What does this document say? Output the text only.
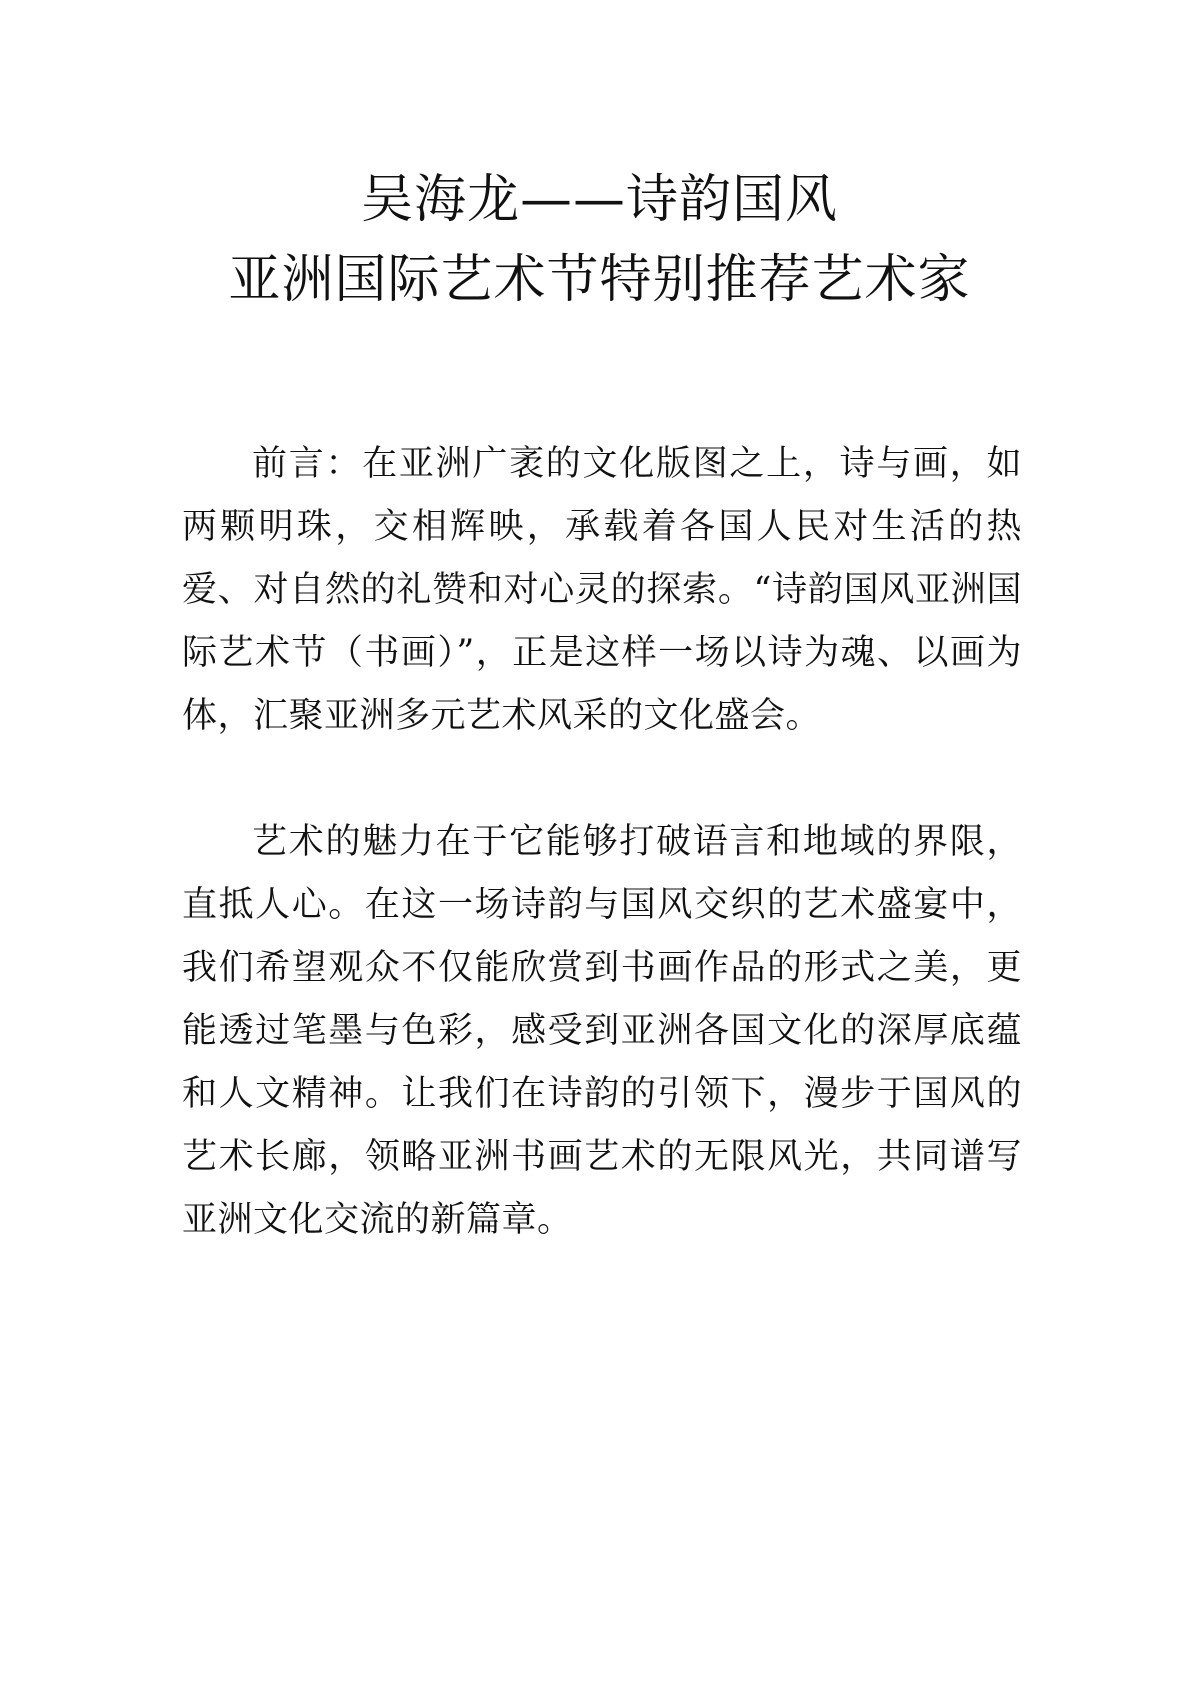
吴海龙——诗韵国风
亚洲国际艺术节特别推荐艺术家

前言：在亚洲广袤的文化版图之上，诗与画，如两颗明珠，交相辉映，承载着各国人民对生活的热爱、对自然的礼赞和对心灵的探索。“诗韵国风亚洲国际艺术节（书画）”，正是这样一场以诗为魂、以画为体，汇聚亚洲多元艺术风采的文化盛会。

艺术的魅力在于它能够打破语言和地域的界限，直抵人心。在这一场诗韵与国风交织的艺术盛宴中，我们希望观众不仅能欣赏到书画作品的形式之美，更能透过笔墨与色彩，感受到亚洲各国文化的深厚底蕴和人文精神。让我们在诗韵的引领下，漫步于国风的艺术长廊，领略亚洲书画艺术的无限风光，共同谱写亚洲文化交流的新篇章。
